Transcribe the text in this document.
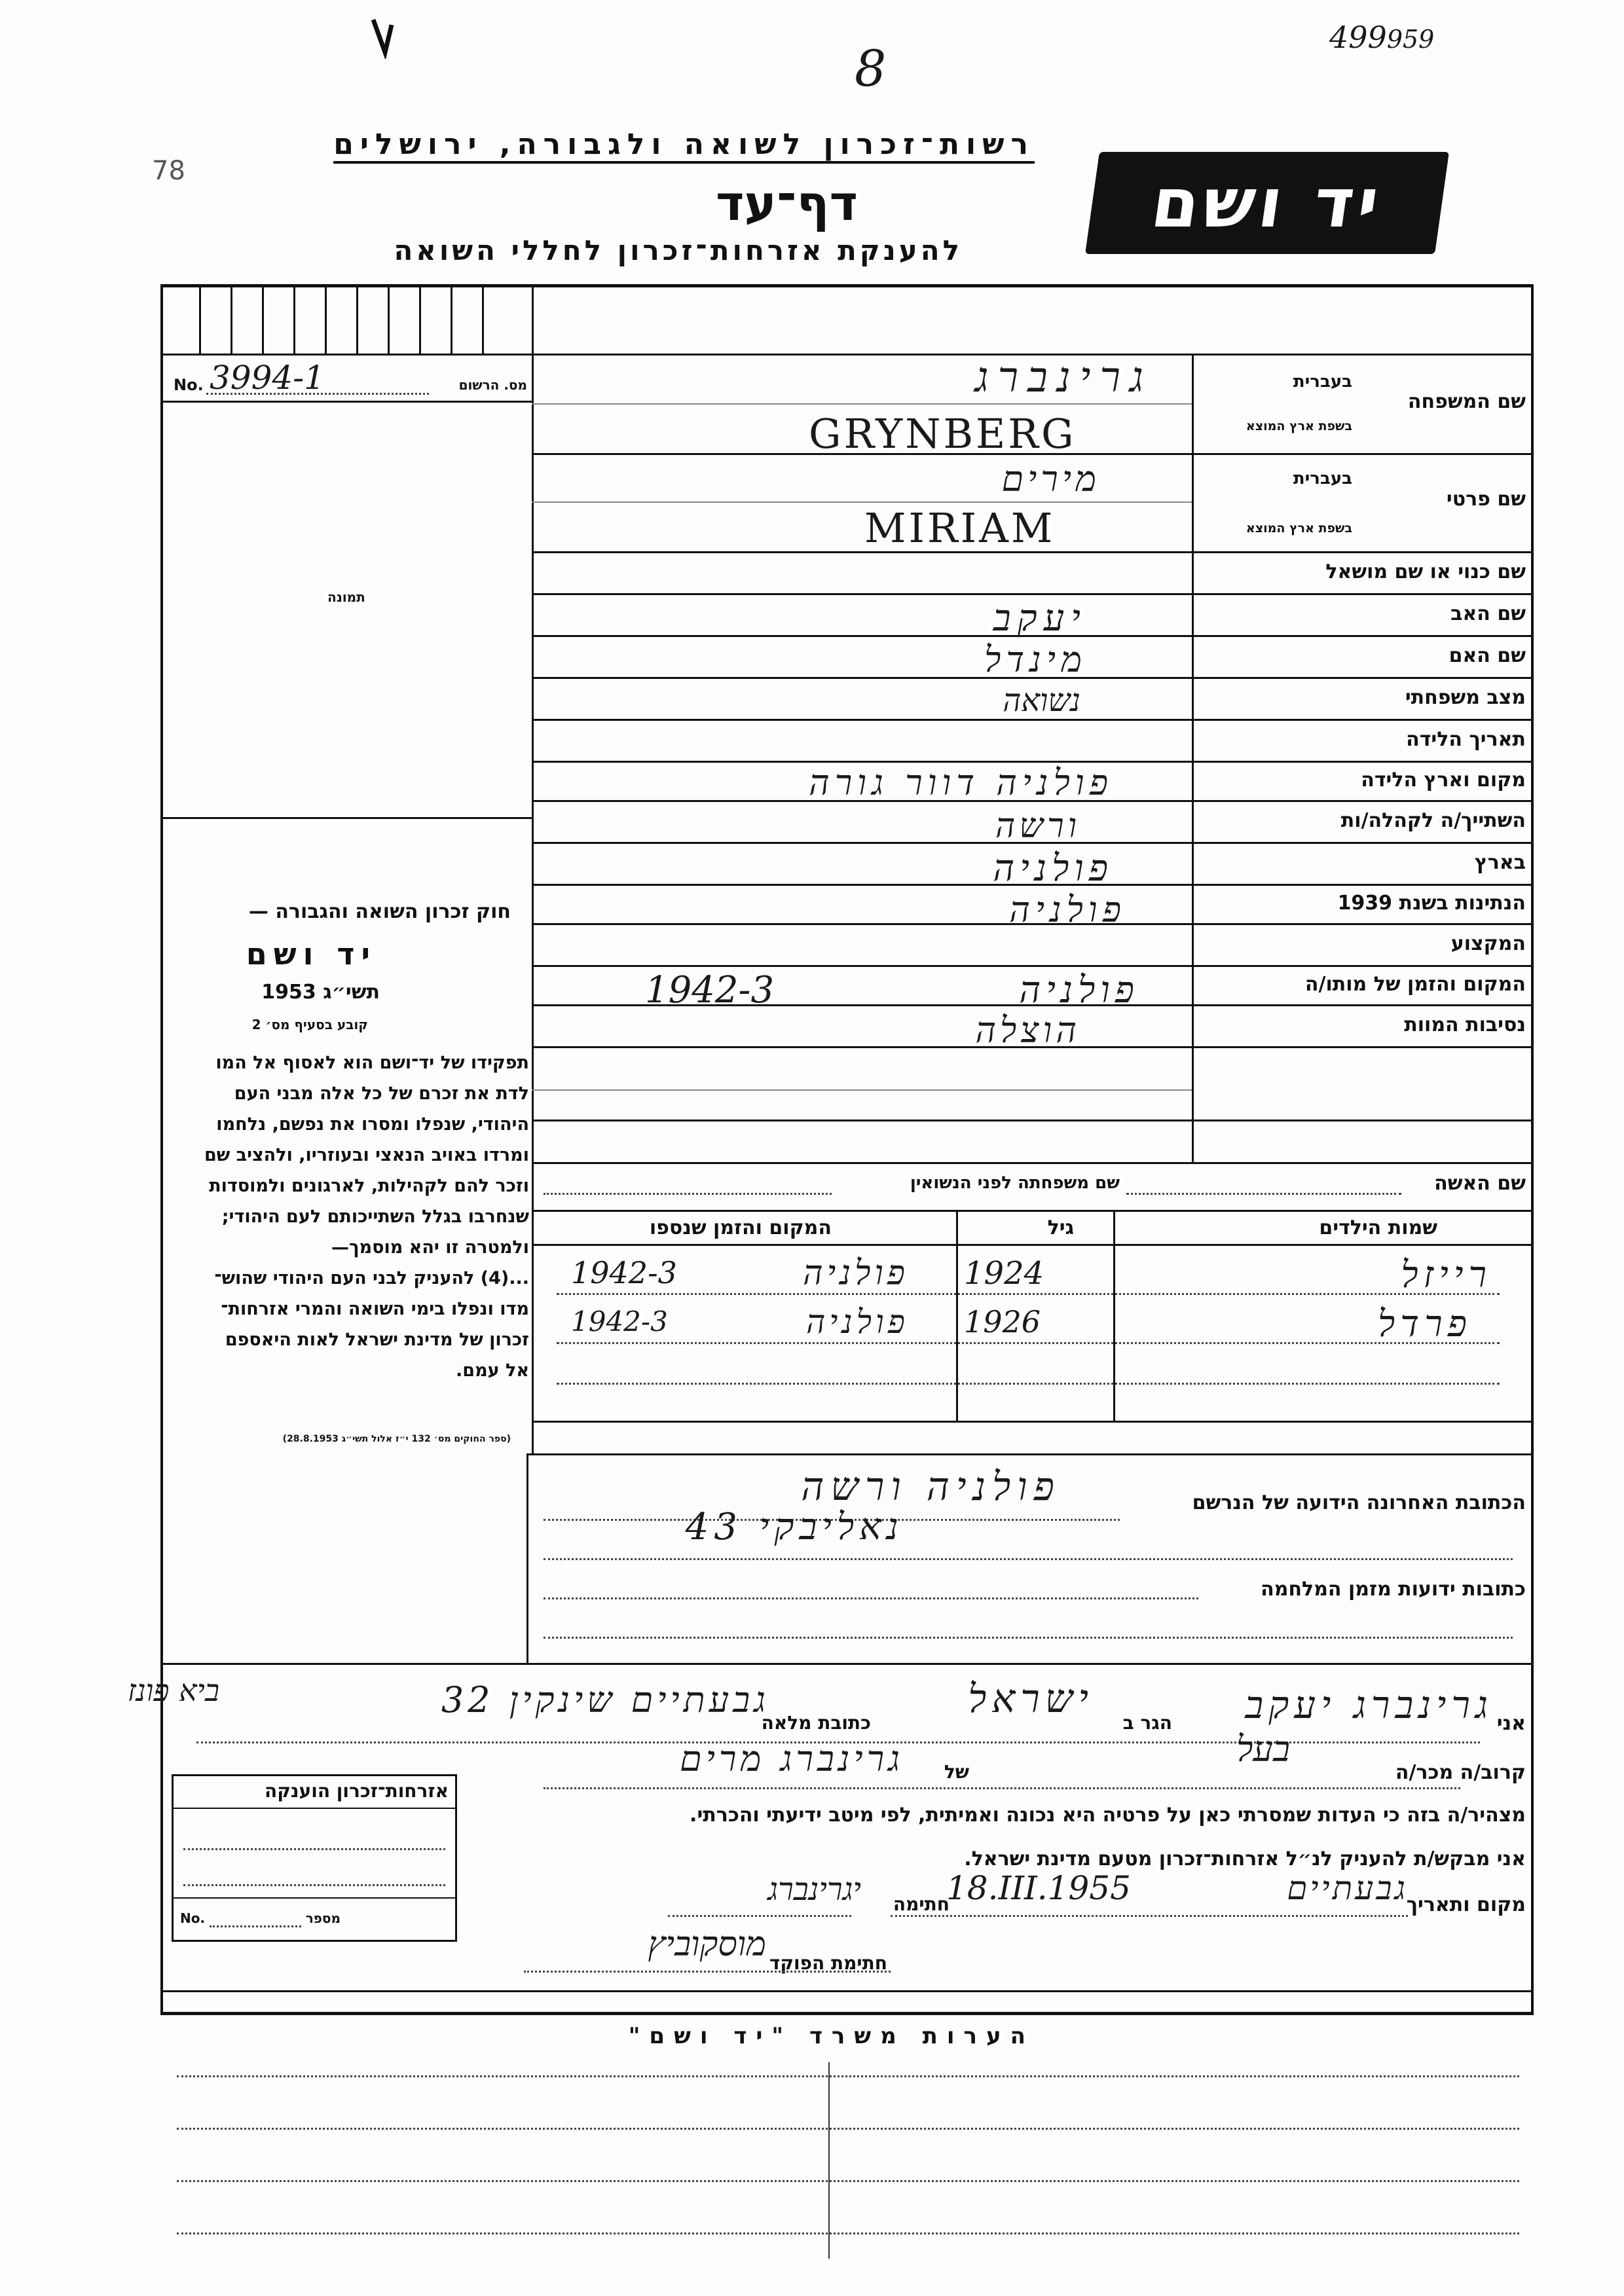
499959
78
8
רשות־זכרון לשואה ולגבורה, ירושלים
דף־עד
להענקת אזרחות־זכרון לחללי השואה
יד ושם
No. 3994-1	מס. הרשום
תמונה
חוק זכרון השואה והגבורה —
יד ושם
תשי״ג 1953
קובע בסעיף מס׳ 2
תפקידו של יד־ושם הוא לאסוף אל המו
לדת את זכרם של כל אלה מבני העם
היהודי, שנפלו ומסרו את נפשם, נלחמו
ומרדו באויב הנאצי ובעוזריו, ולהציב שם
וזכר להם לקהילות, לארגונים ולמוסדות
שנחרבו בגלל השתייכותם לעם היהודי;
ולמטרה זו יהא מוסמך—
...(4) להעניק לבני העם היהודי שהוש־
מדו ונפלו בימי השואה והמרי אזרחות־
זכרון של מדינת ישראל לאות היאספם
אל עמם.
(ספר החוקים מס׳ 132 י״ז אלול תשי״ג 28.8.1953)
שם המשפחה
בעברית
בשפת ארץ המוצא
שם פרטי
בעברית
בשפת ארץ המוצא
שם כנוי או שם מושאל
שם האב
שם האם
מצב משפחתי
תאריך הלידה
מקום וארץ הלידה
השתייך/ה לקהלה/ות
בארץ
הנתינות בשנת 1939
המקצוע
המקום והזמן של מותו/ה
נסיבות המוות
גרינברג
GRYNBERG
מירים
MIRIAM
יעקב
מינדל
נשואה
פולניה דוור גורה
ורשה
פולניה
פולניה
פולניה
1942-3
הוצלה
שם האשה
שם משפחתה לפני הנשואין
שמות הילדים
גיל
המקום והזמן שנספו
רייזל
1924
פולניה
1942-3
פרדל
1926
פולניה
1942-3
הכתובת האחרונה הידועה של הנרשם
פולניה ורשה
נאליבקי 43
כתובות ידועות מזמן המלחמה
אני
גרינברג יעקב
הגר ב
ישראל
כתובת מלאה
גבעתיים שינקין 32
ביא פונז
קרוב/ה מכר/ה
בעל
של
גרינברג מרים
מצהיר/ה בזה כי העדות שמסרתי כאן על פרטיה היא נכונה ואמיתית, לפי מיטב ידיעתי והכרתי.
אני מבקש/ת להעניק לנ״ל אזרחות־זכרון מטעם מדינת ישראל.
מקום ותאריך
גבעתיים
18.III.1955
חתימה
יגרינברג
חתימת הפוקד
מוסקוביץ
אזרחות־זכרון הוענקה
No.	מספר
הערות משרד "יד ושם"
